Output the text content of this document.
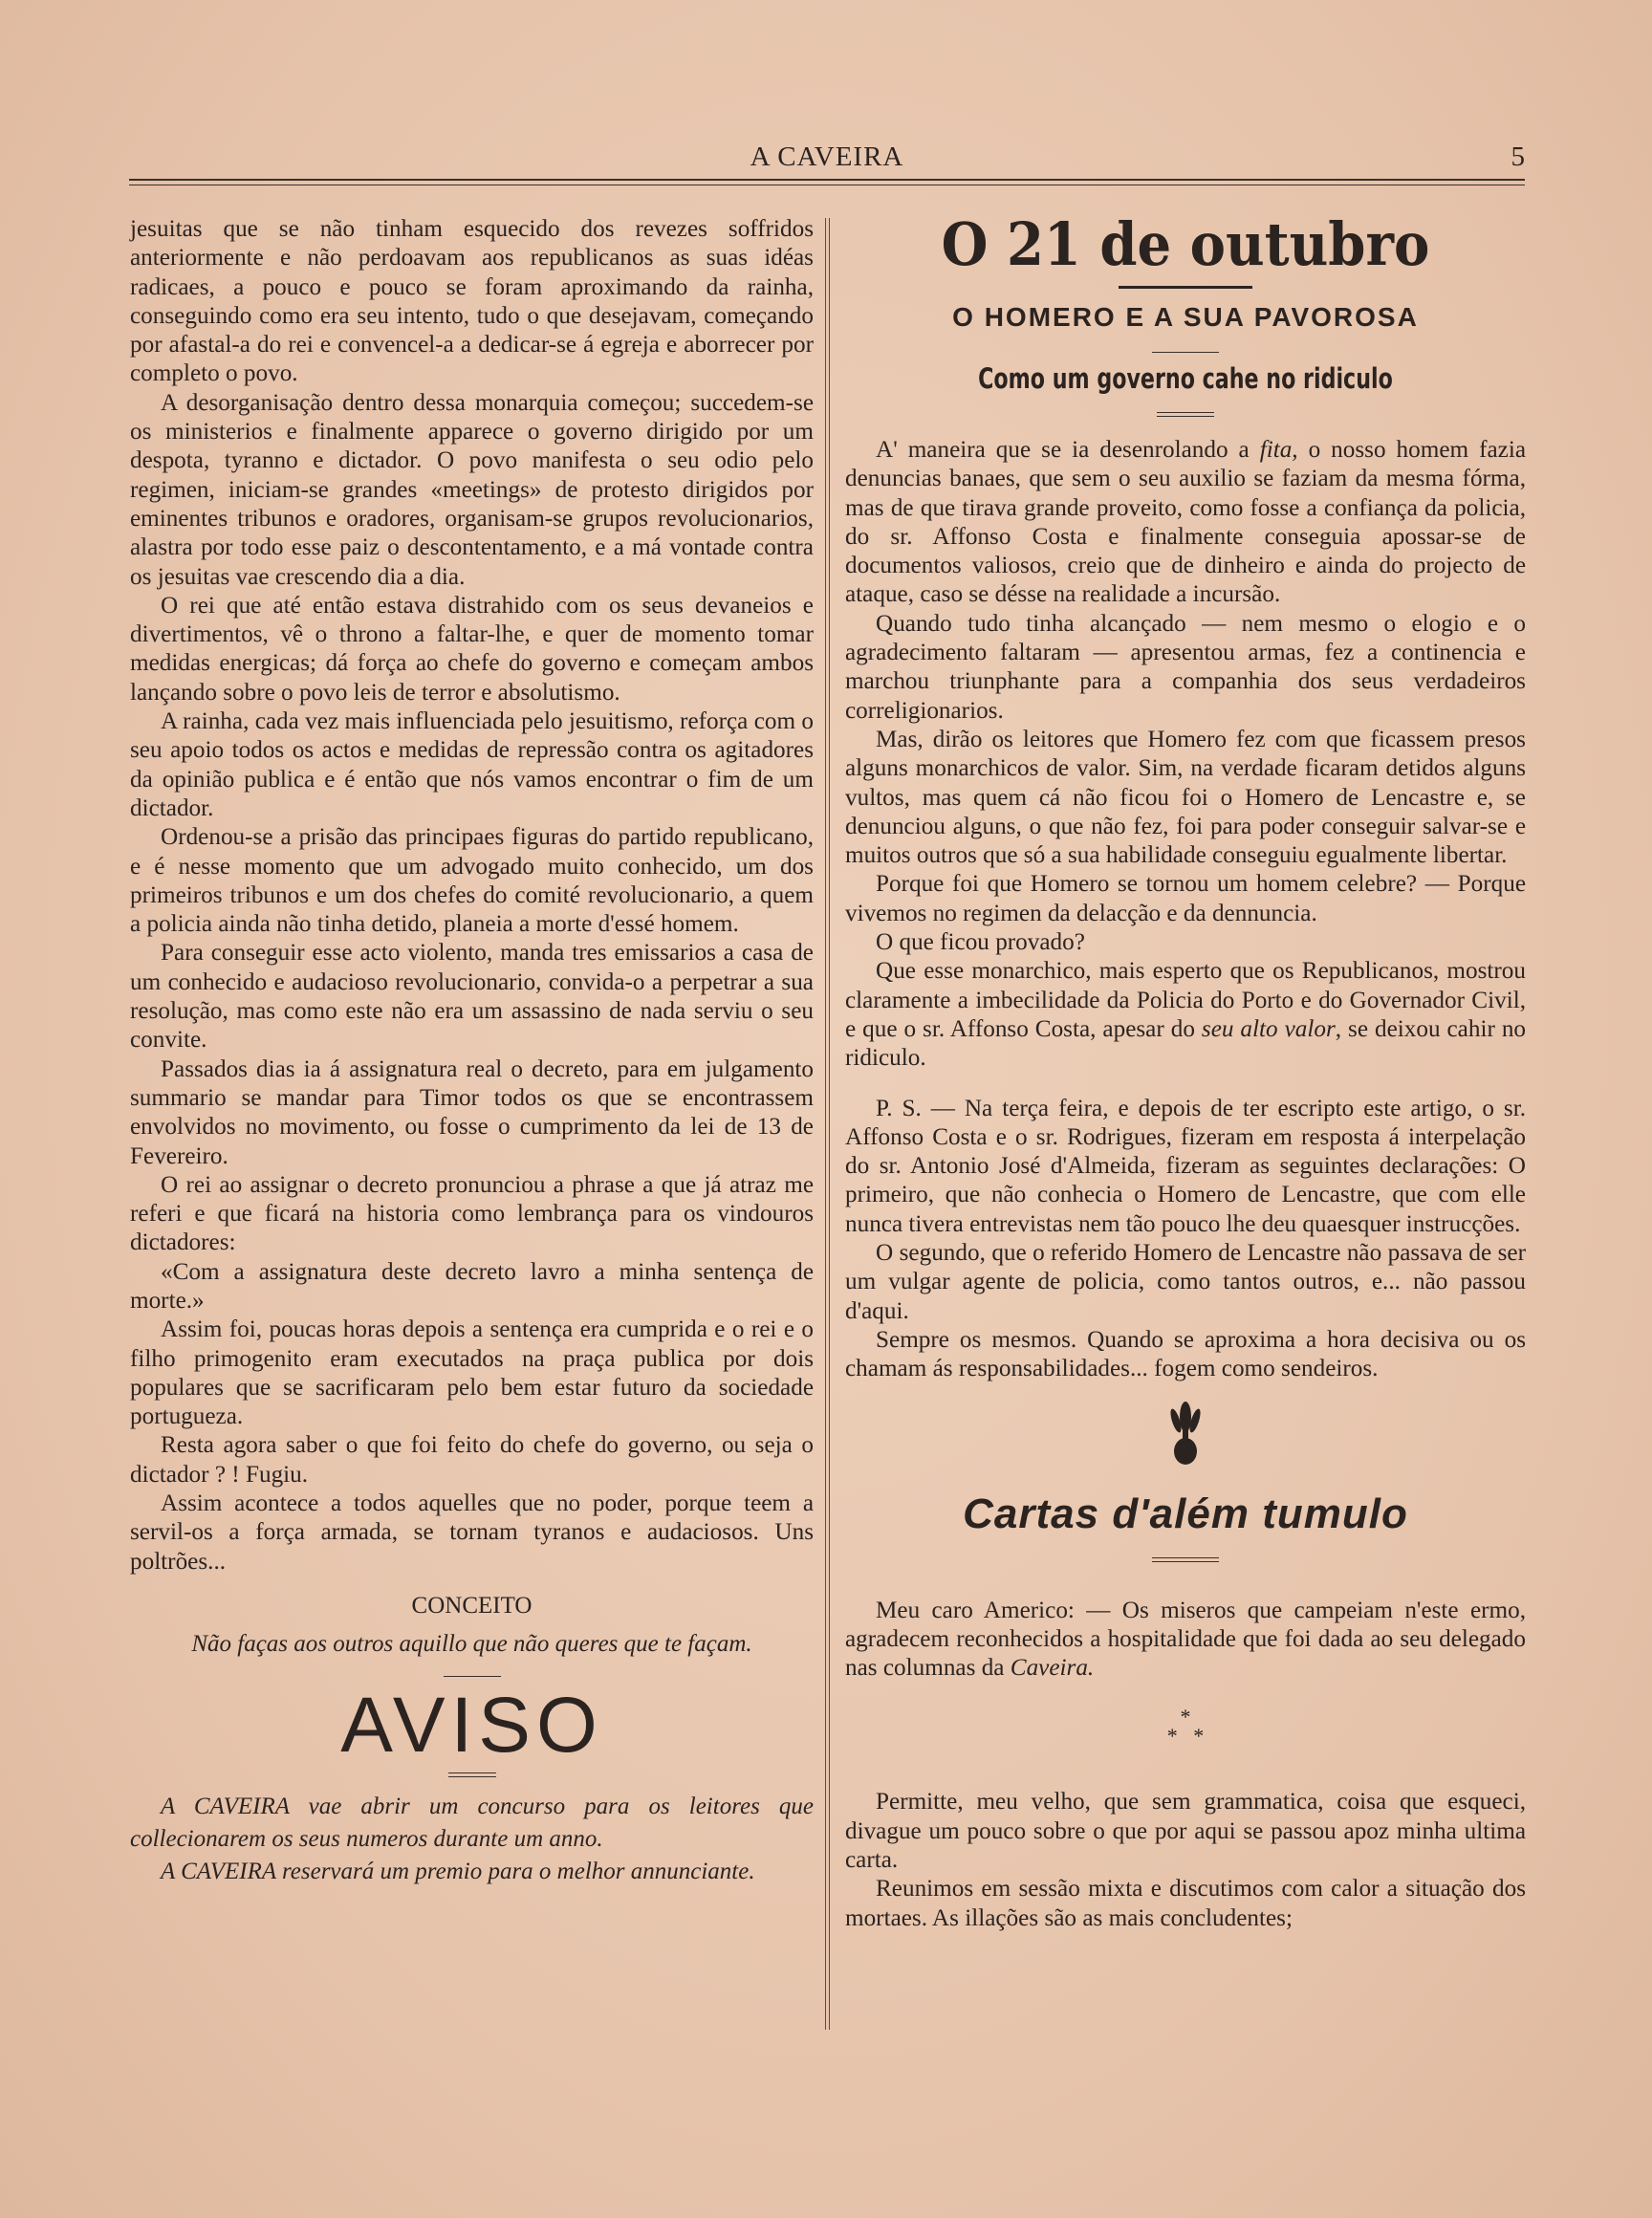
A CAVEIRA	5

jesuitas que se não tinham esquecido dos revezes soffridos anteriormente e não perdoavam aos republicanos as suas idéas radicaes, a pouco e pouco se foram aproximando da rainha, conseguindo como era seu intento, tudo o que desejavam, começando por afastal-a do rei e convencel-a a dedicar-se á egreja e aborrecer por completo o povo.

A desorganisação dentro dessa monarquia começou; succedem-se os ministerios e finalmente apparece o governo dirigido por um despota, tyranno e dictador. O povo manifesta o seu odio pelo regimen, iniciam-se grandes «meetings» de protesto dirigidos por eminentes tribunos e oradores, organisam-se grupos revolucionarios, alastra por todo esse paiz o descontentamento, e a má vontade contra os jesuitas vae crescendo dia a dia.

O rei que até então estava distrahido com os seus devaneios e divertimentos, vê o throno a faltar-lhe, e quer de momento tomar medidas energicas; dá força ao chefe do governo e começam ambos lançando sobre o povo leis de terror e absolutismo.

A rainha, cada vez mais influenciada pelo jesuitismo, reforça com o seu apoio todos os actos e medidas de repressão contra os agitadores da opinião publica e é então que nós vamos encontrar o fim de um dictador.

Ordenou-se a prisão das principaes figuras do partido republicano, e é nesse momento que um advogado muito conhecido, um dos primeiros tribunos e um dos chefes do comité revolucionario, a quem a policia ainda não tinha detido, planeia a morte d'essé homem.

Para conseguir esse acto violento, manda tres emissarios a casa de um conhecido e audacioso revolucionario, convida-o a perpetrar a sua resolução, mas como este não era um assassino de nada serviu o seu convite.

Passados dias ia á assignatura real o decreto, para em julgamento summario se mandar para Timor todos os que se encontrassem envolvidos no movimento, ou fosse o cumprimento da lei de 13 de Fevereiro.

O rei ao assignar o decreto pronunciou a phrase a que já atraz me referi e que ficará na historia como lembrança para os vindouros dictadores:

«Com a assignatura deste decreto lavro a minha sentença de morte.»

Assim foi, poucas horas depois a sentença era cumprida e o rei e o filho primogenito eram executados na praça publica por dois populares que se sacrificaram pelo bem estar futuro da sociedade portugueza.

Resta agora saber o que foi feito do chefe do governo, ou seja o dictador ? ! Fugiu.

Assim acontece a todos aquelles que no poder, porque teem a servil-os a força armada, se tornam tyranos e audaciosos. Uns poltrões...

CONCEITO
Não faças aos outros aquillo que não queres que te façam.
AVISO

A CAVEIRA vae abrir um concurso para os leitores que collecionarem os seus numeros durante um anno.

A CAVEIRA reservará um premio para o melhor annunciante.

O 21 de outubro
O HOMERO E A SUA PAVOROSA
Como um governo cahe no ridiculo

A' maneira que se ia desenrolando a fita, o nosso homem fazia denuncias banaes, que sem o seu auxilio se faziam da mesma fórma, mas de que tirava grande proveito, como fosse a confiança da policia, do sr. Affonso Costa e finalmente conseguia apossar-se de documentos valiosos, creio que de dinheiro e ainda do projecto de ataque, caso se désse na realidade a incursão.

Quando tudo tinha alcançado — nem mesmo o elogio e o agradecimento faltaram — apresentou armas, fez a continencia e marchou triunphante para a companhia dos seus verdadeiros correligionarios.

Mas, dirão os leitores que Homero fez com que ficassem presos alguns monarchicos de valor. Sim, na verdade ficaram detidos alguns vultos, mas quem cá não ficou foi o Homero de Lencastre e, se denunciou alguns, o que não fez, foi para poder conseguir salvar-se e muitos outros que só a sua habilidade conseguiu egualmente libertar.

Porque foi que Homero se tornou um homem celebre? — Porque vivemos no regimen da delacção e da dennuncia.

O que ficou provado?

Que esse monarchico, mais esperto que os Republicanos, mostrou claramente a imbecilidade da Policia do Porto e do Governador Civil, e que o sr. Affonso Costa, apesar do seu alto valor, se deixou cahir no ridiculo.

P. S. — Na terça feira, e depois de ter escripto este artigo, o sr. Affonso Costa e o sr. Rodrigues, fizeram em resposta á interpelação do sr. Antonio José d'Almeida, fizeram as seguintes declarações: O primeiro, que não conhecia o Homero de Lencastre, que com elle nunca tivera entrevistas nem tão pouco lhe deu quaesquer instrucções.

O segundo, que o referido Homero de Lencastre não passava de ser um vulgar agente de policia, como tantos outros, e... não passou d'aqui.

Sempre os mesmos. Quando se aproxima a hora decisiva ou os chamam ás responsabilidades... fogem como sendeiros.

Cartas d'além tumulo

Meu caro Americo: — Os miseros que campeiam n'este ermo, agradecem reconhecidos a hospitalidade que foi dada ao seu delegado nas columnas da Caveira.

*
* *

Permitte, meu velho, que sem grammatica, coisa que esqueci, divague um pouco sobre o que por aqui se passou apoz minha ultima carta.

Reunimos em sessão mixta e discutimos com calor a situação dos mortaes. As illações são as mais concludentes;
